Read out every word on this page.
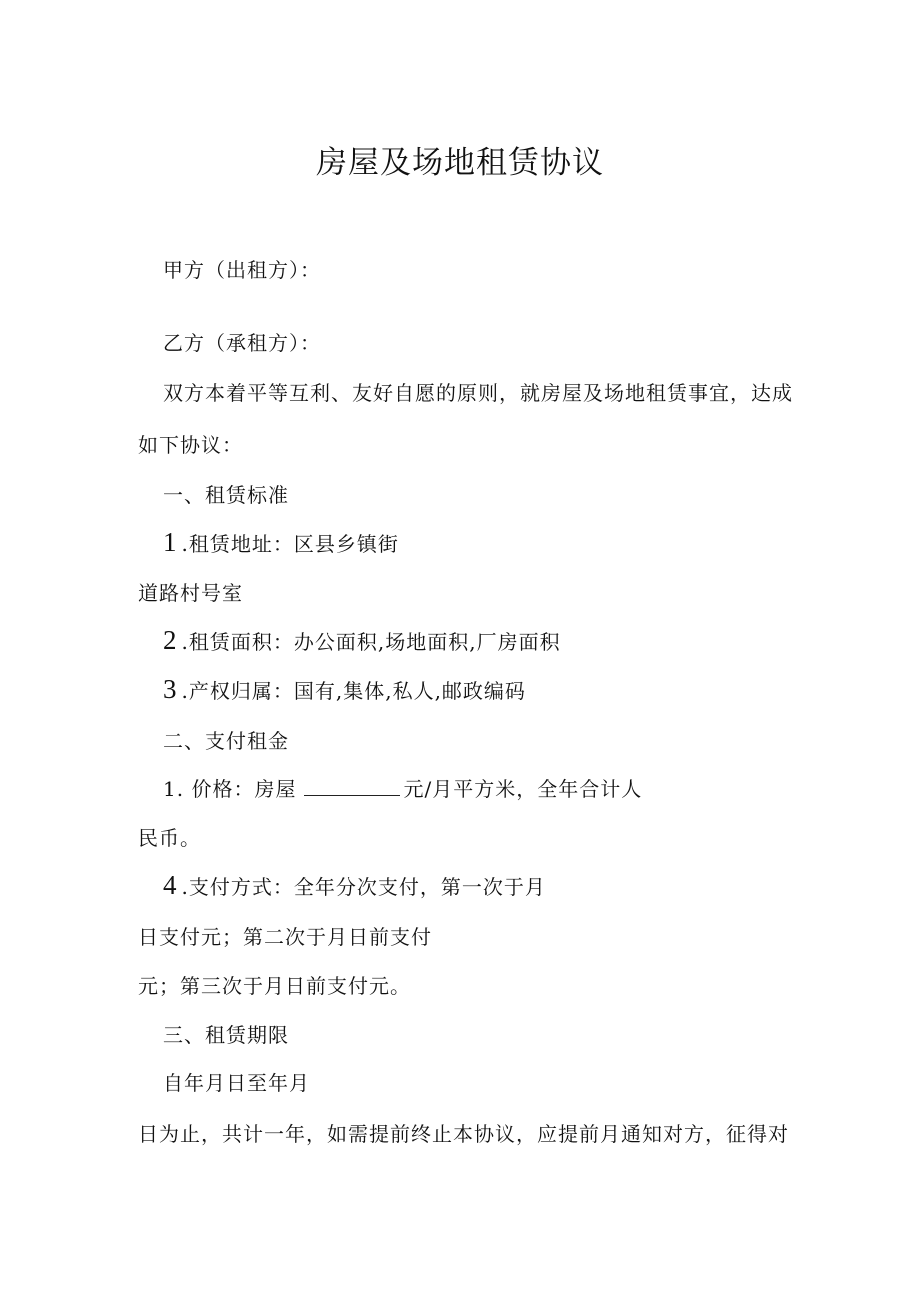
房屋及场地租赁协议
甲方（出租方）：
乙方（承租方）：
双方本着平等互利、友好自愿的原则，就房屋及场地租赁事宜，达成
如下协议：
一、租赁标准
1 .租赁地址：区县乡镇街
道路村号室
2 .租赁面积：办公面积,场地面积,厂房面积
3 .产权归属：国有,集体,私人,邮政编码
二、支付租金
1. 价格：房屋	元/月平方米，全年合计人
民币。
4 .支付方式：全年分次支付，第一次于月
日支付元；第二次于月日前支付
元；第三次于月日前支付元。
三、租赁期限
自年月日至年月
日为止，共计一年，如需提前终止本协议，应提前月通知对方，征得对
